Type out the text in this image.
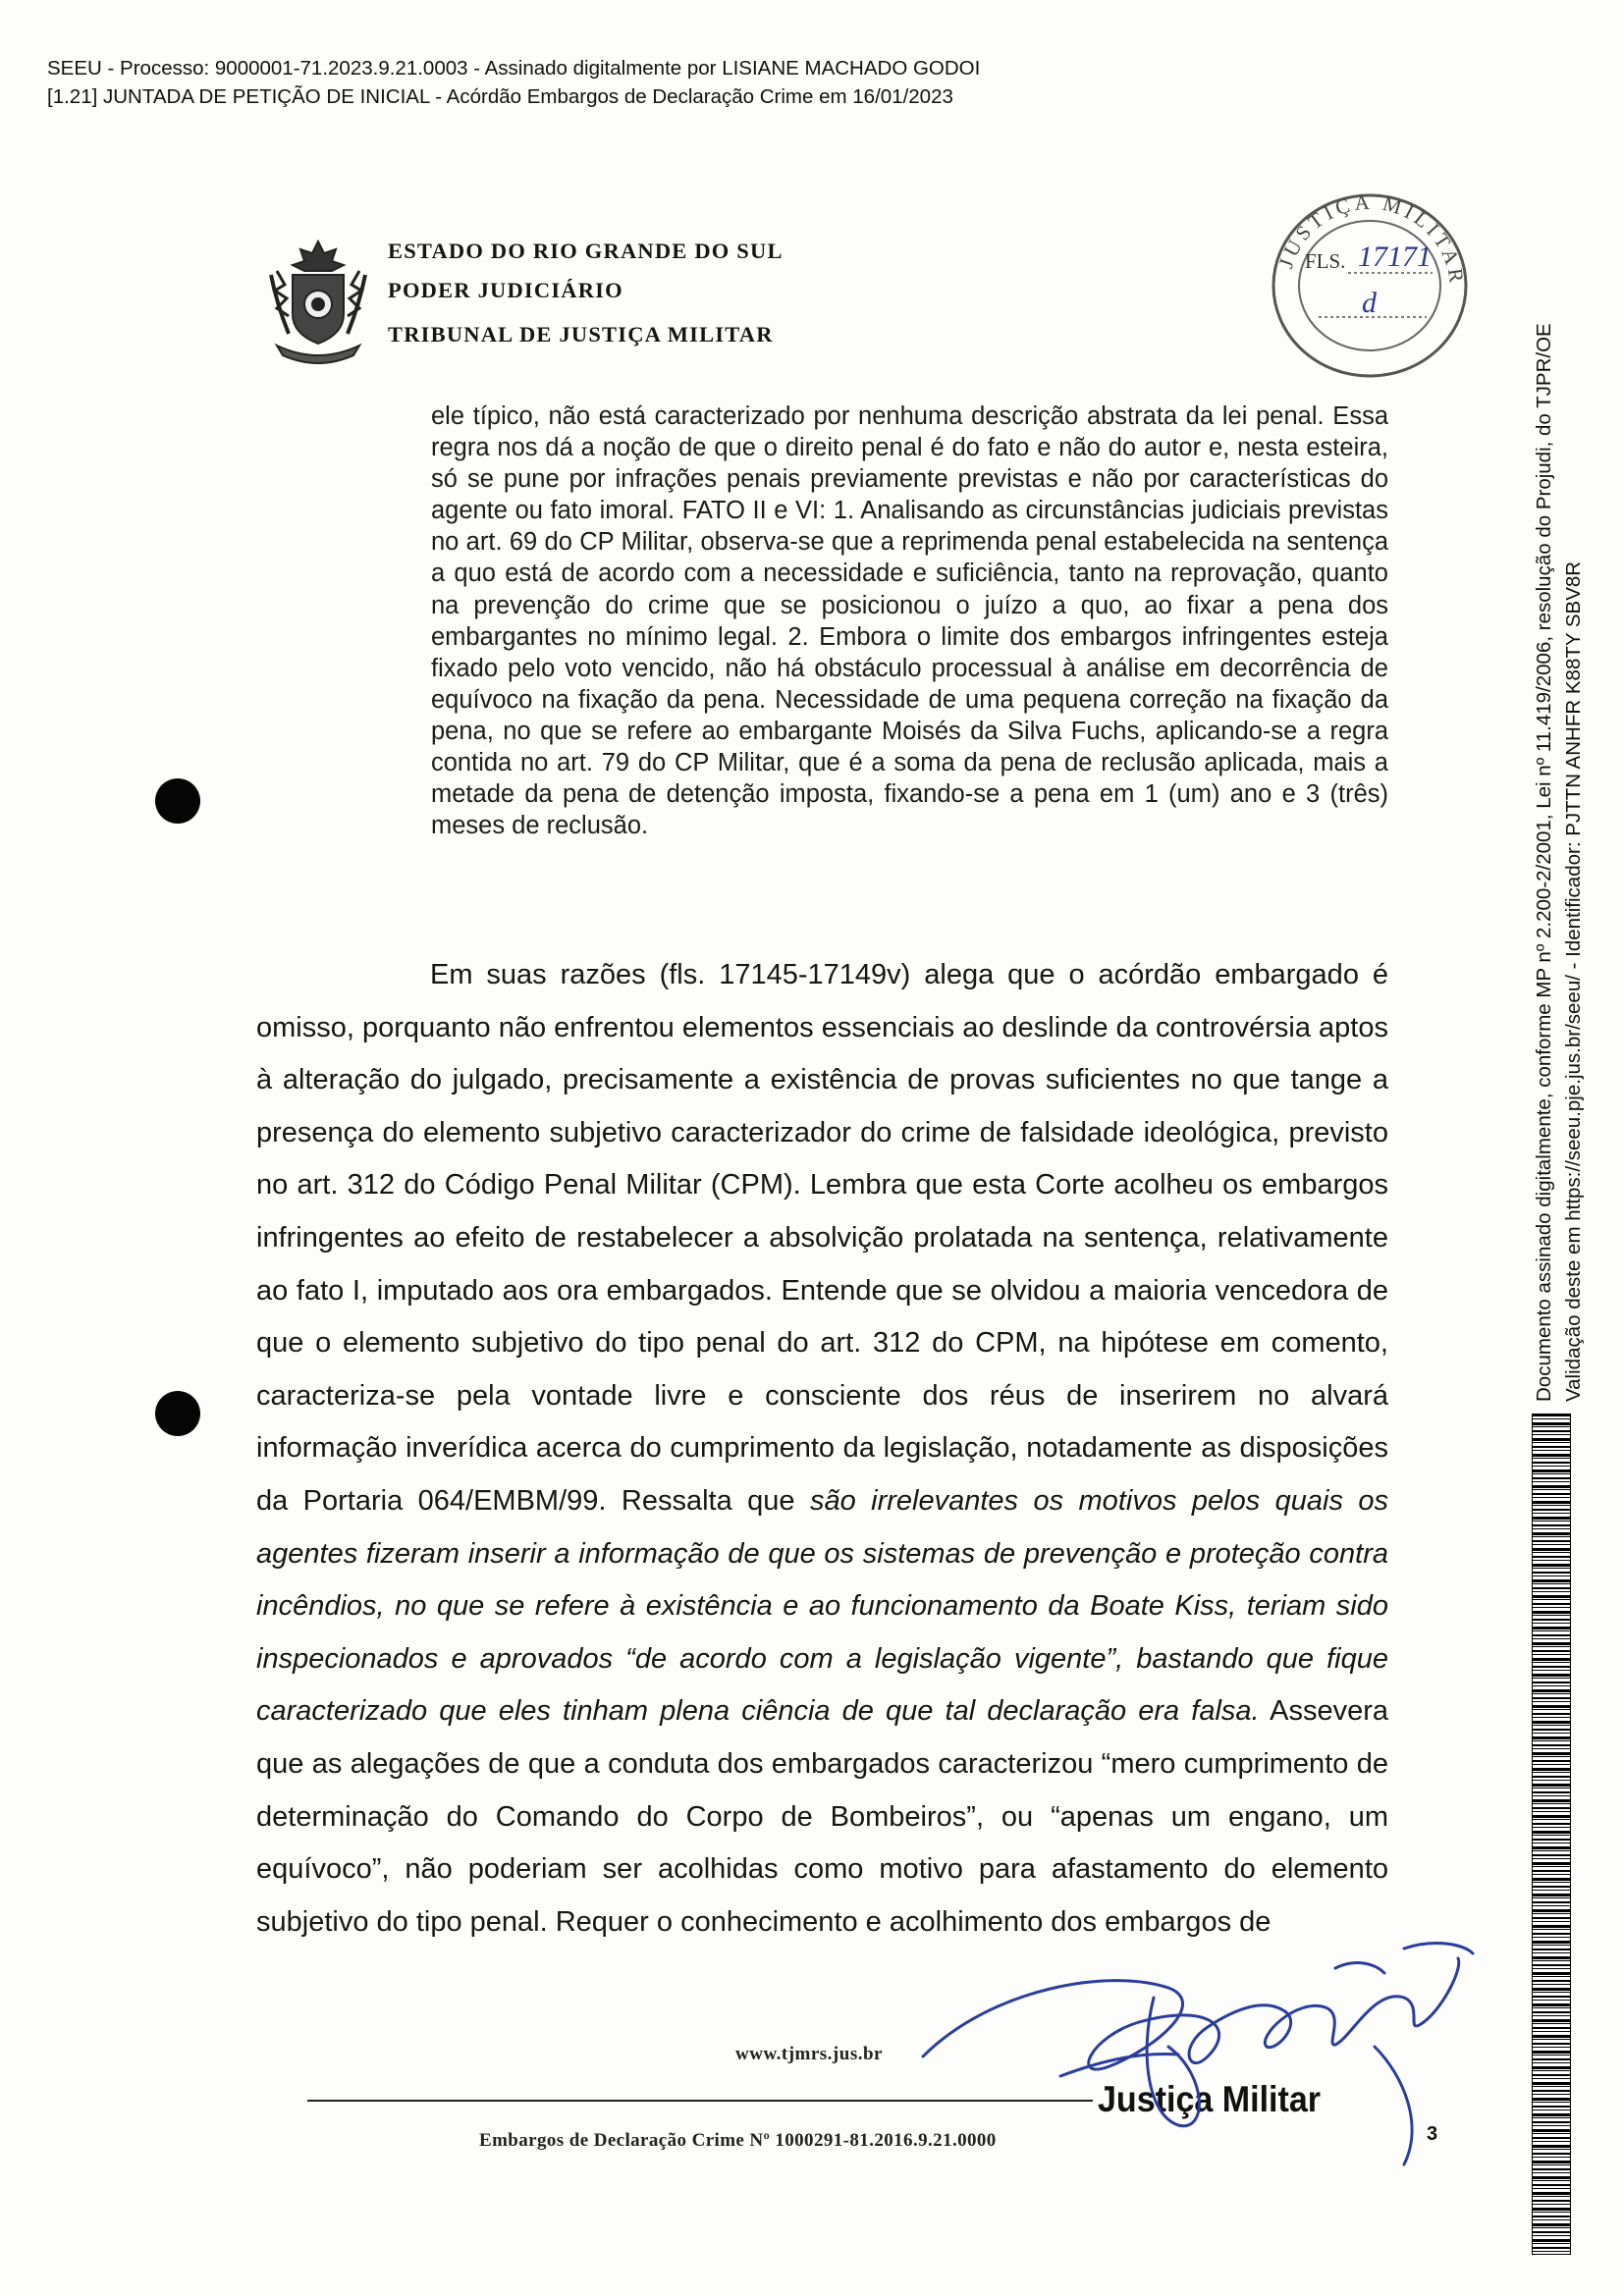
SEEU - Processo: 9000001-71.2023.9.21.0003 - Assinado digitalmente por LISIANE MACHADO GODOI
[1.21] JUNTADA DE PETIÇÃO DE INICIAL - Acórdão Embargos de Declaração Crime em 16/01/2023
ESTADO DO RIO GRANDE DO SUL
PODER JUDICIÁRIO
TRIBUNAL DE JUSTIÇA MILITAR
JUSTIÇA MILITAR
FLS. 17171
d

ele típico, não está caracterizado por nenhuma descrição abstrata da lei penal. Essa regra nos dá a noção de que o direito penal é do fato e não do autor e, nesta esteira, só se pune por infrações penais previamente previstas e não por características do agente ou fato imoral. FATO II e VI: 1. Analisando as circunstâncias judiciais previstas no art. 69 do CP Militar, observa-se que a reprimenda penal estabelecida na sentença a quo está de acordo com a necessidade e suficiência, tanto na reprovação, quanto na prevenção do crime que se posicionou o juízo a quo, ao fixar a pena dos embargantes no mínimo legal. 2. Embora o limite dos embargos infringentes esteja fixado pelo voto vencido, não há obstáculo processual à análise em decorrência de equívoco na fixação da pena. Necessidade de uma pequena correção na fixação da pena, no que se refere ao embargante Moisés da Silva Fuchs, aplicando-se a regra contida no art. 79 do CP Militar, que é a soma da pena de reclusão aplicada, mais a metade da pena de detenção imposta, fixando-se a pena em 1 (um) ano e 3 (três) meses de reclusão.

Em suas razões (fls. 17145-17149v) alega que o acórdão embargado é omisso, porquanto não enfrentou elementos essenciais ao deslinde da controvérsia aptos à alteração do julgado, precisamente a existência de provas suficientes no que tange a presença do elemento subjetivo caracterizador do crime de falsidade ideológica, previsto no art. 312 do Código Penal Militar (CPM). Lembra que esta Corte acolheu os embargos infringentes ao efeito de restabelecer a absolvição prolatada na sentença, relativamente ao fato I, imputado aos ora embargados. Entende que se olvidou a maioria vencedora de que o elemento subjetivo do tipo penal do art. 312 do CPM, na hipótese em comento, caracteriza-se pela vontade livre e consciente dos réus de inserirem no alvará informação inverídica acerca do cumprimento da legislação, notadamente as disposições da Portaria 064/EMBM/99. Ressalta que são irrelevantes os motivos pelos quais os agentes fizeram inserir a informação de que os sistemas de prevenção e proteção contra incêndios, no que se refere à existência e ao funcionamento da Boate Kiss, teriam sido inspecionados e aprovados “de acordo com a legislação vigente”, bastando que fique caracterizado que eles tinham plena ciência de que tal declaração era falsa. Assevera que as alegações de que a conduta dos embargados caracterizou “mero cumprimento de determinação do Comando do Corpo de Bombeiros”, ou “apenas um engano, um equívoco”, não poderiam ser acolhidas como motivo para afastamento do elemento subjetivo do tipo penal. Requer o conhecimento e acolhimento dos embargos de

Documento assinado digitalmente, conforme MP nº 2.200-2/2001, Lei nº 11.419/2006, resolução do Projudi, do TJPR/OE Validação deste em https://seeu.pje.jus.br/seeu/ - Identificador: PJTTN ANHFR K88TY SBV8R
www.tjmrs.jus.br
Justiça Militar
Embargos de Declaração Crime Nº 1000291-81.2016.9.21.0000	3
